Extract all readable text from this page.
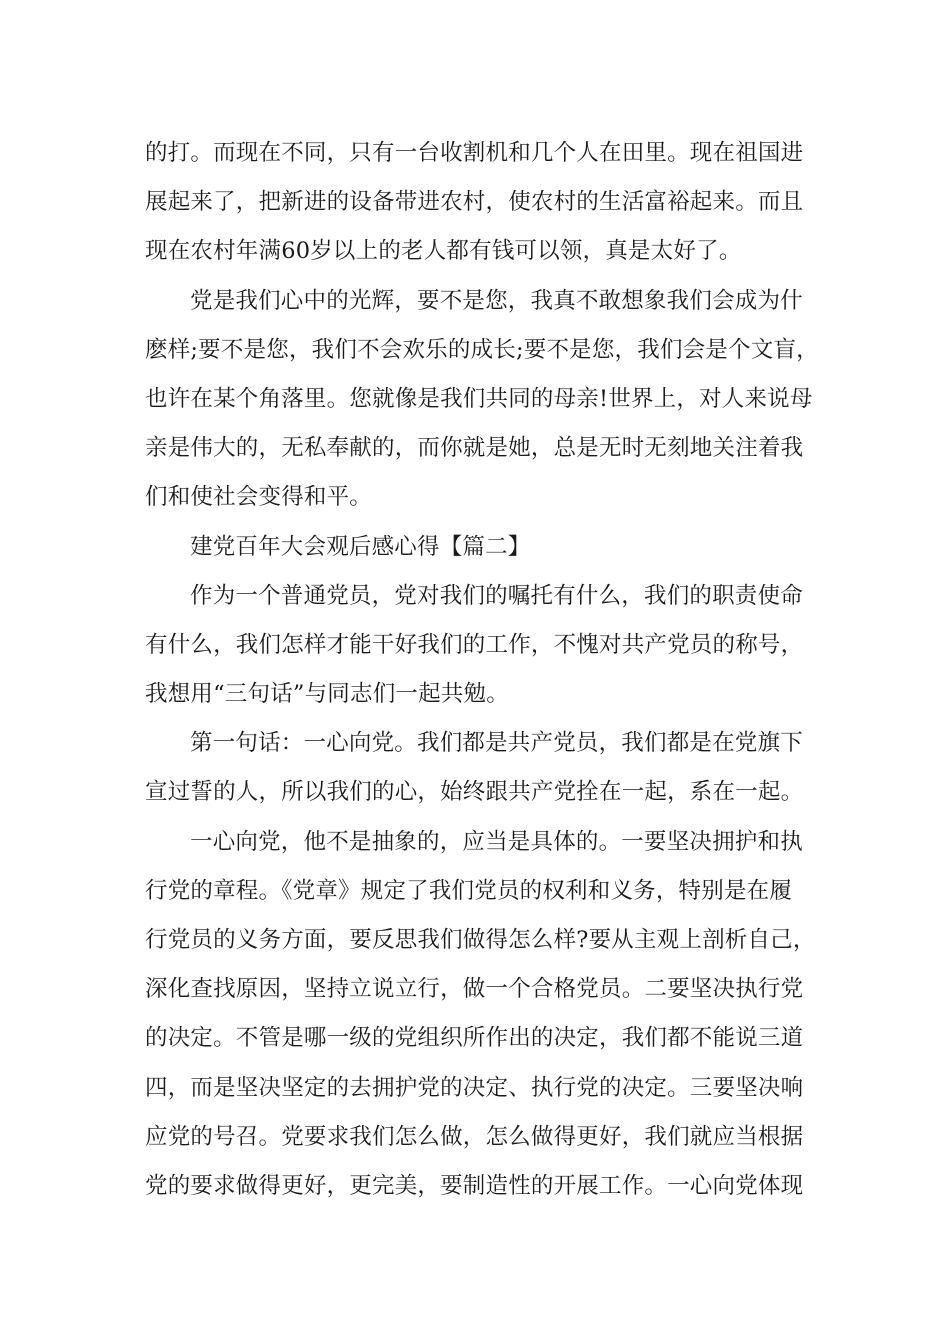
的打。而现在不同，只有一台收割机和几个人在田里。现在祖国进
展起来了，把新进的设备带进农村，使农村的生活富裕起来。而且
现在农村年满60岁以上的老人都有钱可以领，真是太好了。
党是我们心中的光辉，要不是您，我真不敢想象我们会成为什
麽样;要不是您，我们不会欢乐的成长;要不是您，我们会是个文盲，
也许在某个角落里。您就像是我们共同的母亲!世界上，对人来说母
亲是伟大的，无私奉献的，而你就是她，总是无时无刻地关注着我
们和使社会变得和平。
建党百年大会观后感心得【篇二】
作为一个普通党员，党对我们的嘱托有什么，我们的职责使命
有什么，我们怎样才能干好我们的工作，不愧对共产党员的称号，
我想用“三句话”与同志们一起共勉。
第一句话：一心向党。我们都是共产党员，我们都是在党旗下
宣过誓的人，所以我们的心，始终跟共产党拴在一起，系在一起。
一心向党，他不是抽象的，应当是具体的。一要坚决拥护和执
行党的章程。《党章》规定了我们党员的权利和义务，特别是在履
行党员的义务方面，要反思我们做得怎么样?要从主观上剖析自己，
深化查找原因，坚持立说立行，做一个合格党员。二要坚决执行党
的决定。不管是哪一级的党组织所作出的决定，我们都不能说三道
四，而是坚决坚定的去拥护党的决定、执行党的决定。三要坚决响
应党的号召。党要求我们怎么做，怎么做得更好，我们就应当根据
党的要求做得更好，更完美，要制造性的开展工作。一心向党体现
